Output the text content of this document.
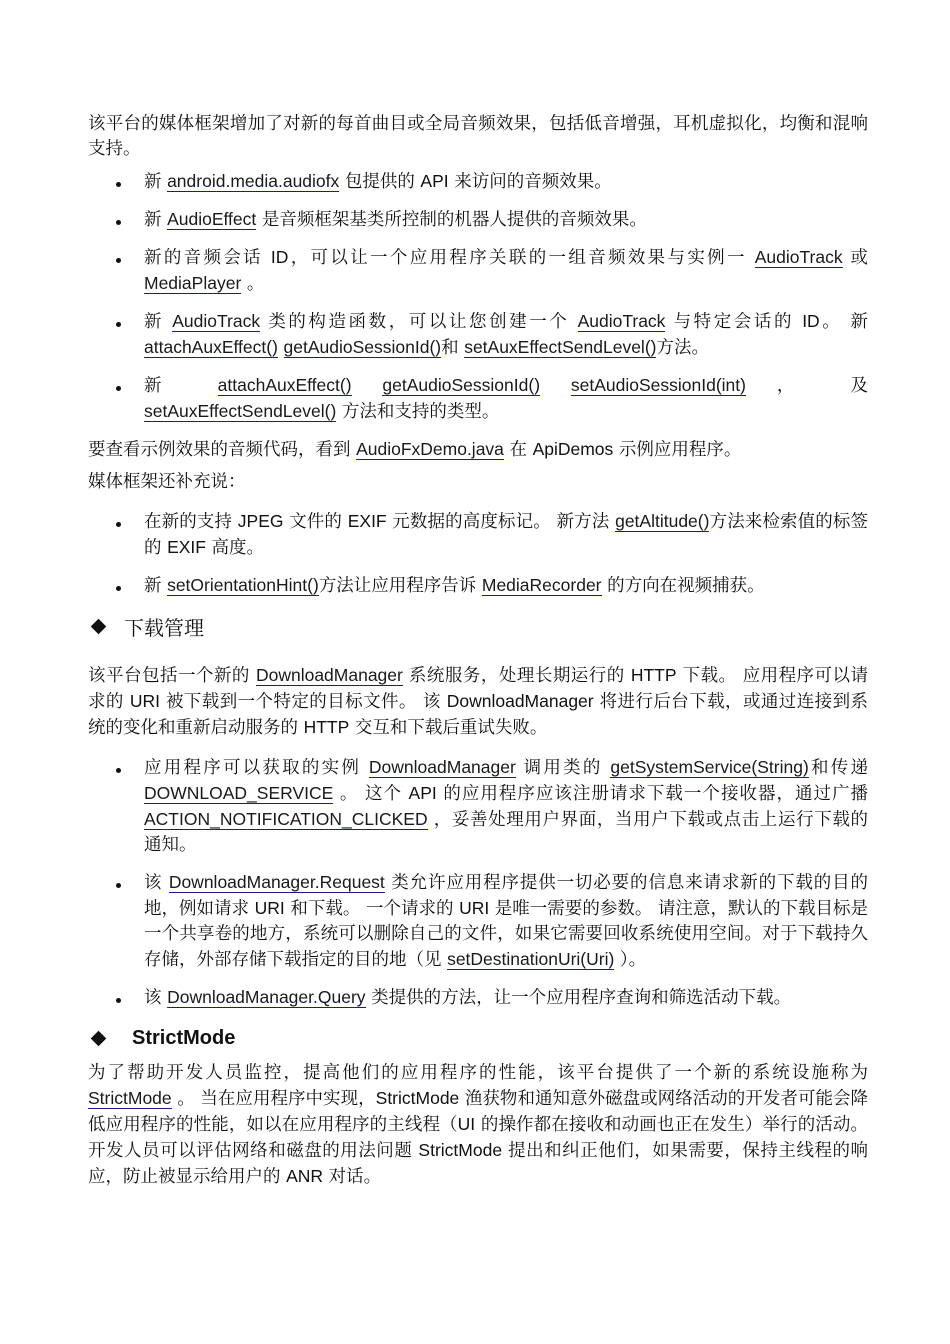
该平台的媒体框架增加了对新的每首曲目或全局音频效果，包括低音增强，耳机虚拟化，均衡和混响支持。

新 android.media.audiofx 包提供的 API 来访问的音频效果。
新 AudioEffect 是音频框架基类所控制的机器人提供的音频效果。
新的音频会话 ID，可以让一个应用程序关联的一组音频效果与实例一 AudioTrack 或 MediaPlayer 。
新 AudioTrack 类的构造函数，可以让您创建一个 AudioTrack 与特定会话的 ID。 新 attachAuxEffect() getAudioSessionId()和 setAuxEffectSendLevel()方法。
新 attachAuxEffect() getAudioSessionId() setAudioSessionId(int) ， 及 setAuxEffectSendLevel() 方法和支持的类型。

要查看示例效果的音频代码，看到 AudioFxDemo.java 在 ApiDemos 示例应用程序。

媒体框架还补充说：

在新的支持 JPEG 文件的 EXIF 元数据的高度标记。 新方法 getAltitude()方法来检索值的标签的 EXIF 高度。
新 setOrientationHint()方法让应用程序告诉 MediaRecorder 的方向在视频捕获。
下载管理

该平台包括一个新的 DownloadManager 系统服务，处理长期运行的 HTTP 下载。 应用程序可以请求的 URI 被下载到一个特定的目标文件。 该 DownloadManager 将进行后台下载，或通过连接到系统的变化和重新启动服务的 HTTP 交互和下载后重试失败。

应用程序可以获取的实例 DownloadManager 调用类的 getSystemService(String)和传递 DOWNLOAD_SERVICE 。 这个 API 的应用程序应该注册请求下载一个接收器，通过广播 ACTION_NOTIFICATION_CLICKED ，妥善处理用户界面，当用户下载或点击上运行下载的通知。
该 DownloadManager.Request 类允许应用程序提供一切必要的信息来请求新的下载的目的地，例如请求 URI 和下载。 一个请求的 URI 是唯一需要的参数。 请注意，默认的下载目标是一个共享卷的地方，系统可以删除自己的文件，如果它需要回收系统使用空间。对于下载持久存储，外部存储下载指定的目的地（见 setDestinationUri(Uri) ）。
该 DownloadManager.Query 类提供的方法，让一个应用程序查询和筛选活动下载。
StrictMode

为了帮助开发人员监控，提高他们的应用程序的性能，该平台提供了一个新的系统设施称为 StrictMode 。 当在应用程序中实现，StrictMode 渔获物和通知意外磁盘或网络活动的开发者可能会降低应用程序的性能，如以在应用程序的主线程（UI 的操作都在接收和动画也正在发生）举行的活动。 开发人员可以评估网络和磁盘的用法问题 StrictMode 提出和纠正他们，如果需要，保持主线程的响应，防止被显示给用户的 ANR 对话。
